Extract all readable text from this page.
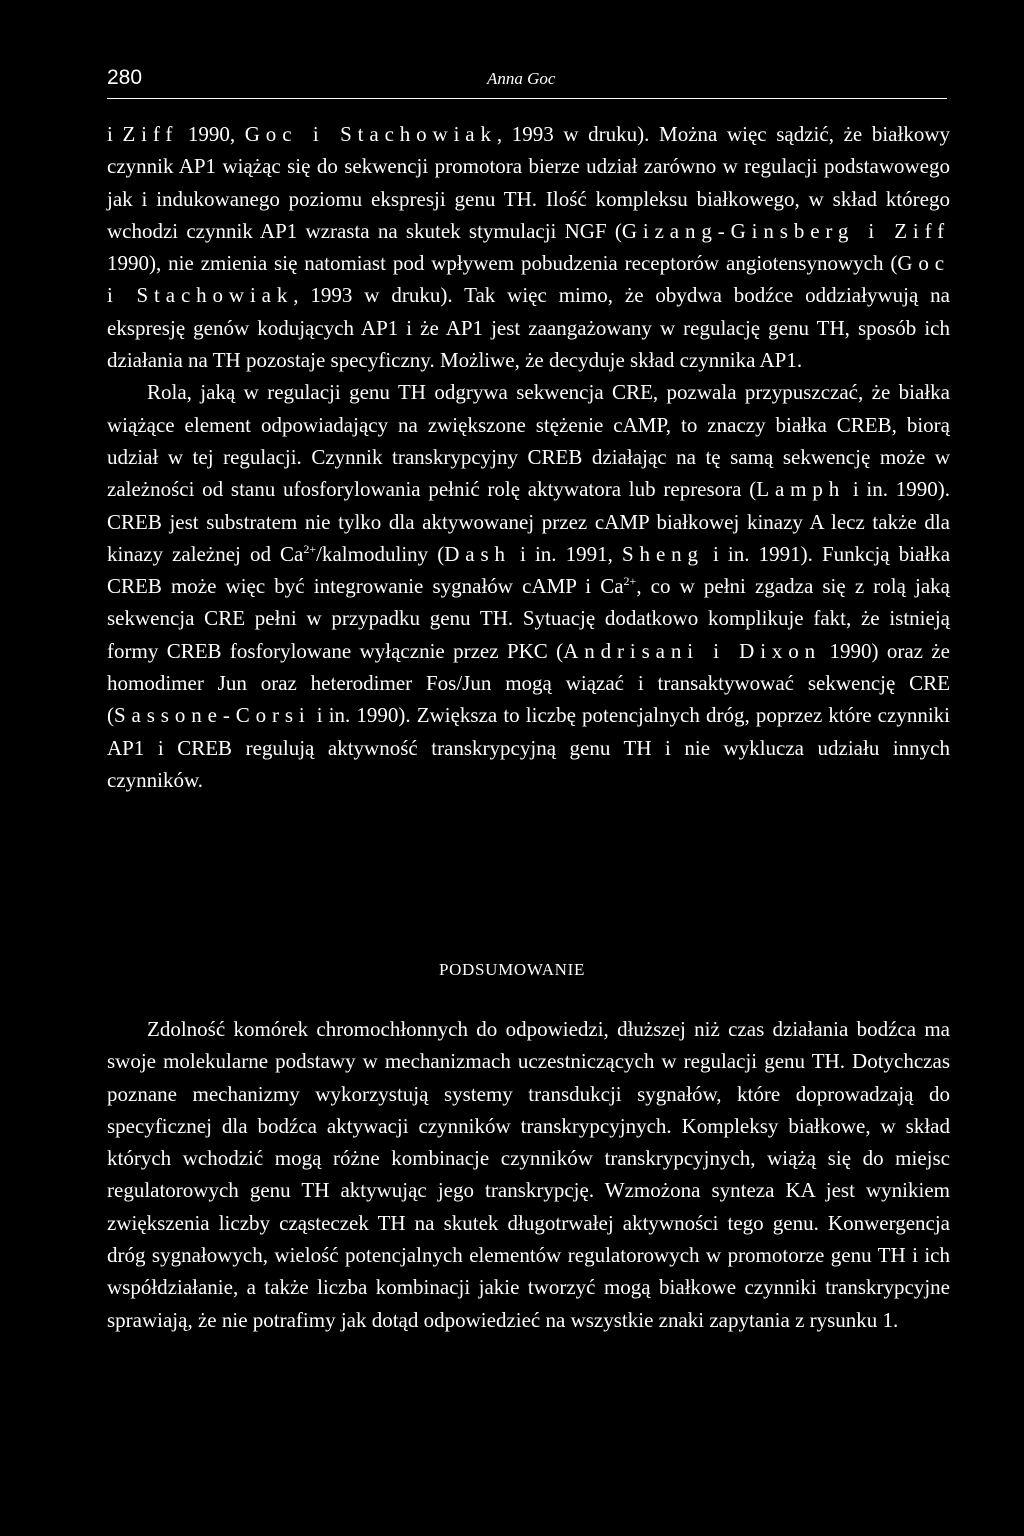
280	Anna Goc

i Ziff 1990, Goc i Stachowiak, 1993 w druku). Można więc sądzić, że białkowy czynnik AP1 wiążąc się do sekwencji promotora bierze udział zarówno w regulacji podstawowego jak i indukowanego poziomu ekspresji genu TH. Ilość kompleksu białkowego, w skład którego wchodzi czynnik AP1 wzrasta na skutek stymulacji NGF (Gizang-Ginsberg i Ziff 1990), nie zmienia się natomiast pod wpływem pobudzenia receptorów angiotensynowych (Goc i Stachowiak, 1993 w druku). Tak więc mimo, że obydwa bodźce oddziaływują na ekspresję genów kodujących AP1 i że AP1 jest zaangażowany w regulację genu TH, sposób ich działania na TH pozostaje specyficzny. Możliwe, że decyduje skład czynnika AP1.

Rola, jaką w regulacji genu TH odgrywa sekwencja CRE, pozwala przypuszczać, że białka wiążące element odpowiadający na zwiększone stężenie cAMP, to znaczy białka CREB, biorą udział w tej regulacji. Czynnik transkrypcyjny CREB działając na tę samą sekwencję może w zależności od stanu ufosforylowania pełnić rolę aktywatora lub represora (Lamph i in. 1990). CREB jest substratem nie tylko dla aktywowanej przez cAMP białkowej kinazy A lecz także dla kinazy zależnej od $Ca^{2+}$/kalmoduliny (Dash i in. 1991, Sheng i in. 1991). Funkcją białka CREB może więc być integrowanie sygnałów cAMP i $Ca^{2+}$, co w pełni zgadza się z rolą jaką sekwencja CRE pełni w przypadku genu TH. Sytuację dodatkowo komplikuje fakt, że istnieją formy CREB fosforylowane wyłącznie przez PKC (Andrisani i Dixon 1990) oraz że homodimer Jun oraz heterodimer Fos/Jun mogą wiązać i transaktywować sekwencję CRE (Sassone-Corsi i in. 1990). Zwiększa to liczbę potencjalnych dróg, poprzez które czynniki AP1 i CREB regulują aktywność transkrypcyjną genu TH i nie wyklucza udziału innych czynników.

PODSUMOWANIE

Zdolność komórek chromochłonnych do odpowiedzi, dłuższej niż czas działania bodźca ma swoje molekularne podstawy w mechanizmach uczestniczących w regulacji genu TH. Dotychczas poznane mechanizmy wykorzystują systemy transdukcji sygnałów, które doprowadzają do specyficznej dla bodźca aktywacji czynników transkrypcyjnych. Kompleksy białkowe, w skład których wchodzić mogą różne kombinacje czynników transkrypcyjnych, wiążą się do miejsc regulatorowych genu TH aktywując jego transkrypcję. Wzmożona synteza KA jest wynikiem zwiększenia liczby cząsteczek TH na skutek długotrwałej aktywności tego genu. Konwergencja dróg sygnałowych, wielość potencjalnych elementów regulatorowych w promotorze genu TH i ich współdziałanie, a także liczba kombinacji jakie tworzyć mogą białkowe czynniki transkrypcyjne sprawiają, że nie potrafimy jak dotąd odpowiedzieć na wszystkie znaki zapytania z rysunku 1.
